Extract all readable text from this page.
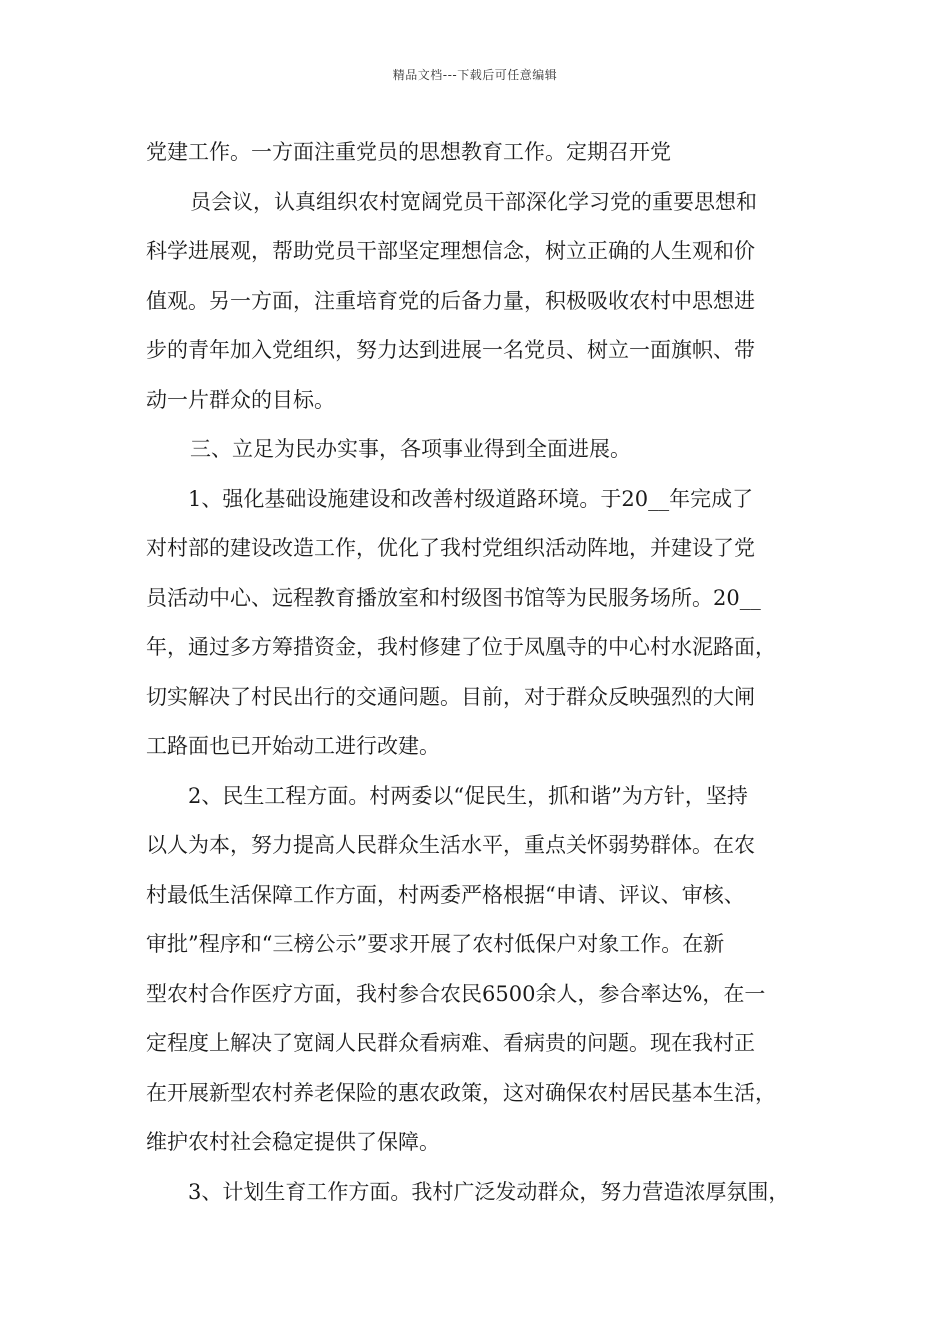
精品文档---下载后可任意编辑
党建工作。一方面注重党员的思想教育工作。定期召开党
员会议，认真组织农村宽阔党员干部深化学习党的重要思想和
科学进展观，帮助党员干部坚定理想信念，树立正确的人生观和价
值观。另一方面，注重培育党的后备力量，积极吸收农村中思想进
步的青年加入党组织，努力达到进展一名党员、树立一面旗帜、带
动一片群众的目标。
三、立足为民办实事，各项事业得到全面进展。
1、强化基础设施建设和改善村级道路环境。于20__年完成了
对村部的建设改造工作，优化了我村党组织活动阵地，并建设了党
员活动中心、远程教育播放室和村级图书馆等为民服务场所。20__
年，通过多方筹措资金，我村修建了位于凤凰寺的中心村水泥路面，
切实解决了村民出行的交通问题。目前，对于群众反映强烈的大闸
工路面也已开始动工进行改建。
2、民生工程方面。村两委以“促民生，抓和谐”为方针，坚持
以人为本，努力提高人民群众生活水平，重点关怀弱势群体。在农
村最低生活保障工作方面，村两委严格根据“申请、评议、审核、
审批”程序和“三榜公示”要求开展了农村低保户对象工作。在新
型农村合作医疗方面，我村参合农民6500余人，参合率达%，在一
定程度上解决了宽阔人民群众看病难、看病贵的问题。现在我村正
在开展新型农村养老保险的惠农政策，这对确保农村居民基本生活，
维护农村社会稳定提供了保障。
3、计划生育工作方面。我村广泛发动群众，努力营造浓厚氛围，
